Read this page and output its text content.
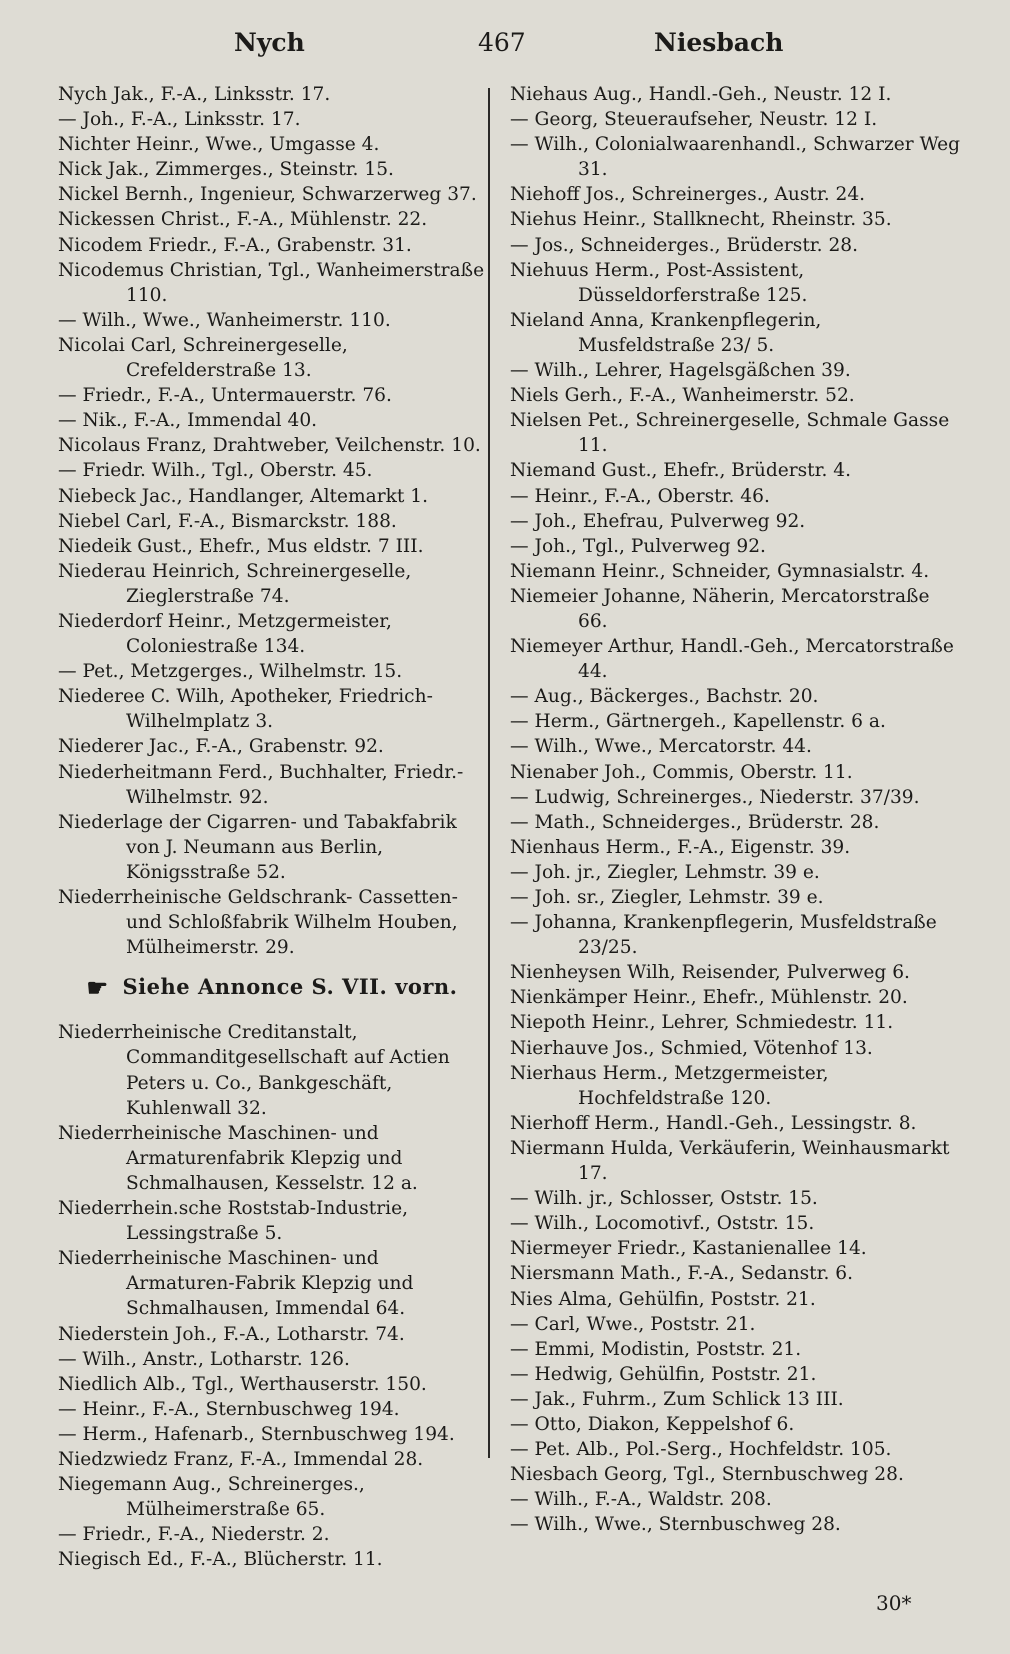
Nych	467	Niesbach

Nych Jak., F.-A., Linksstr. 17.

— Joh., F.-A., Linksstr. 17.

Nichter Heinr., Wwe., Umgasse 4.

Nick Jak., Zimmerges., Steinstr. 15.

Nickel Bernh., Ingenieur, Schwarzerweg 37.

Nickessen Christ., F.-A., Mühlenstr. 22.

Nicodem Friedr., F.-A., Grabenstr. 31.

Nicodemus Christian, Tgl., Wanheimerstraße 110.

— Wilh., Wwe., Wanheimerstr. 110.

Nicolai Carl, Schreinergeselle, Crefelderstraße 13.

— Friedr., F.-A., Untermauerstr. 76.

— Nik., F.-A., Immendal 40.

Nicolaus Franz, Drahtweber, Veilchenstr. 10.

— Friedr. Wilh., Tgl., Oberstr. 45.

Niebeck Jac., Handlanger, Altemarkt 1.

Niebel Carl, F.-A., Bismarckstr. 188.

Niedeik Gust., Ehefr., Mus eldstr. 7 III.

Niederau Heinrich, Schreinergeselle, Zieglerstraße 74.

Niederdorf Heinr., Metzgermeister, Coloniestraße 134.

— Pet., Metzgerges., Wilhelmstr. 15.

Niederee C. Wilh, Apotheker, Friedrich-Wilhelmplatz 3.

Niederer Jac., F.-A., Grabenstr. 92.

Niederheitmann Ferd., Buchhalter, Friedr.-Wilhelmstr. 92.

Niederlage der Cigarren- und Tabakfabrik von J. Neumann aus Berlin, Königsstraße 52.

Niederrheinische Geldschrank- Cassetten- und Schloßfabrik Wilhelm Houben, Mülheimerstr. 29.

☛ Siehe Annonce S. VII. vorn.

Niederrheinische Creditanstalt, Commanditgesellschaft auf Actien Peters u. Co., Bankgeschäft, Kuhlenwall 32.

Niederrheinische Maschinen- und Armaturenfabrik Klepzig und Schmalhausen, Kesselstr. 12 a.

Niederrhein.sche Roststab-Industrie, Lessingstraße 5.

Niederrheinische Maschinen- und Armaturen-Fabrik Klepzig und Schmalhausen, Immendal 64.

Niederstein Joh., F.-A., Lotharstr. 74.

— Wilh., Anstr., Lotharstr. 126.

Niedlich Alb., Tgl., Werthauserstr. 150.

— Heinr., F.-A., Sternbuschweg 194.

— Herm., Hafenarb., Sternbuschweg 194.

Niedzwiedz Franz, F.-A., Immendal 28.

Niegemann Aug., Schreinerges., Mülheimerstraße 65.

— Friedr., F.-A., Niederstr. 2.

Niegisch Ed., F.-A., Blücherstr. 11.

Niehaus Aug., Handl.-Geh., Neustr. 12 I.

— Georg, Steueraufseher, Neustr. 12 I.

— Wilh., Colonialwaarenhandl., Schwarzer Weg 31.

Niehoff Jos., Schreinerges., Austr. 24.

Niehus Heinr., Stallknecht, Rheinstr. 35.

— Jos., Schneiderges., Brüderstr. 28.

Niehuus Herm., Post-Assistent, Düsseldorferstraße 125.

Nieland Anna, Krankenpflegerin, Musfeldstraße 23/ 5.

— Wilh., Lehrer, Hagelsgäßchen 39.

Niels Gerh., F.-A., Wanheimerstr. 52.

Nielsen Pet., Schreinergeselle, Schmale Gasse 11.

Niemand Gust., Ehefr., Brüderstr. 4.

— Heinr., F.-A., Oberstr. 46.

— Joh., Ehefrau, Pulverweg 92.

— Joh., Tgl., Pulverweg 92.

Niemann Heinr., Schneider, Gymnasialstr. 4.

Niemeier Johanne, Näherin, Mercatorstraße 66.

Niemeyer Arthur, Handl.-Geh., Mercatorstraße 44.

— Aug., Bäckerges., Bachstr. 20.

— Herm., Gärtnergeh., Kapellenstr. 6 a.

— Wilh., Wwe., Mercatorstr. 44.

Nienaber Joh., Commis, Oberstr. 11.

— Ludwig, Schreinerges., Niederstr. 37/39.

— Math., Schneiderges., Brüderstr. 28.

Nienhaus Herm., F.-A., Eigenstr. 39.

— Joh. jr., Ziegler, Lehmstr. 39 e.

— Joh. sr., Ziegler, Lehmstr. 39 e.

— Johanna, Krankenpflegerin, Musfeldstraße 23/25.

Nienheysen Wilh, Reisender, Pulverweg 6.

Nienkämper Heinr., Ehefr., Mühlenstr. 20.

Niepoth Heinr., Lehrer, Schmiedestr. 11.

Nierhauve Jos., Schmied, Vötenhof 13.

Nierhaus Herm., Metzgermeister, Hochfeldstraße 120.

Nierhoff Herm., Handl.-Geh., Lessingstr. 8.

Niermann Hulda, Verkäuferin, Weinhausmarkt 17.

— Wilh. jr., Schlosser, Oststr. 15.

— Wilh., Locomotivf., Oststr. 15.

Niermeyer Friedr., Kastanienallee 14.

Niersmann Math., F.-A., Sedanstr. 6.

Nies Alma, Gehülfin, Poststr. 21.

— Carl, Wwe., Poststr. 21.

— Emmi, Modistin, Poststr. 21.

— Hedwig, Gehülfin, Poststr. 21.

— Jak., Fuhrm., Zum Schlick 13 III.

— Otto, Diakon, Keppelshof 6.

— Pet. Alb., Pol.-Serg., Hochfeldstr. 105.

Niesbach Georg, Tgl., Sternbuschweg 28.

— Wilh., F.-A., Waldstr. 208.

— Wilh., Wwe., Sternbuschweg 28.

30*
